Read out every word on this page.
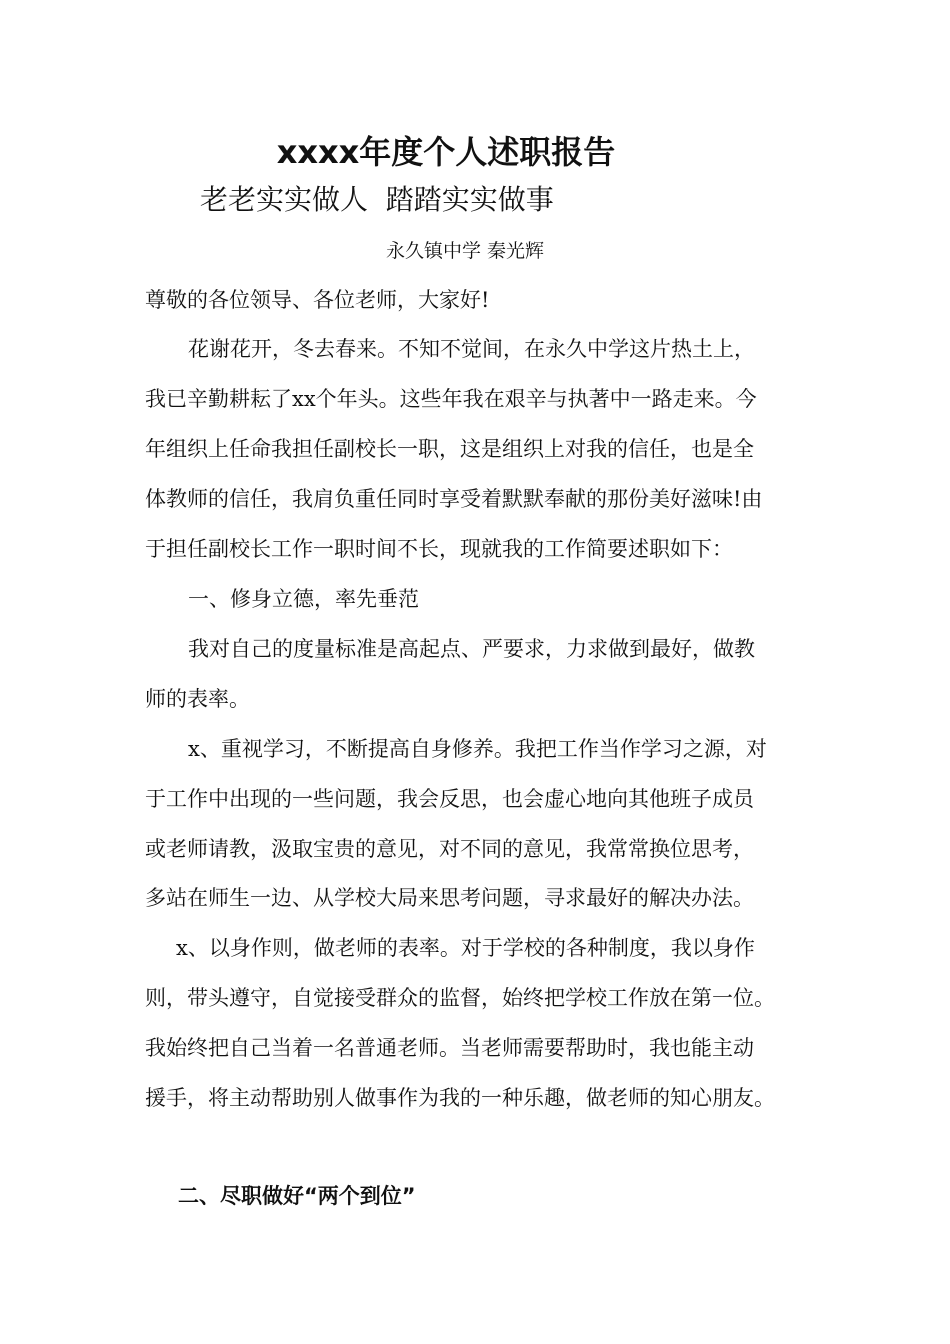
xxxx年度个人述职报告

老老实实做人  踏踏实实做事

永久镇中学 秦光辉

尊敬的各位领导、各位老师，大家好!

花谢花开，冬去春来。不知不觉间，在永久中学这片热土上，

我已辛勤耕耘了xx个年头。这些年我在艰辛与执著中一路走来。今

年组织上任命我担任副校长一职，这是组织上对我的信任，也是全

体教师的信任，我肩负重任同时享受着默默奉献的那份美好滋味!由

于担任副校长工作一职时间不长，现就我的工作简要述职如下：

一、修身立德，率先垂范

我对自己的度量标准是高起点、严要求，力求做到最好，做教

师的表率。

x、重视学习，不断提高自身修养。我把工作当作学习之源，对

于工作中出现的一些问题，我会反思，也会虚心地向其他班子成员

或老师请教，汲取宝贵的意见，对不同的意见，我常常换位思考，

多站在师生一边、从学校大局来思考问题，寻求最好的解决办法。

x、以身作则，做老师的表率。对于学校的各种制度，我以身作

则，带头遵守，自觉接受群众的监督，始终把学校工作放在第一位。

我始终把自己当着一名普通老师。当老师需要帮助时，我也能主动

援手，将主动帮助别人做事作为我的一种乐趣，做老师的知心朋友。

二、尽职做好“两个到位”
